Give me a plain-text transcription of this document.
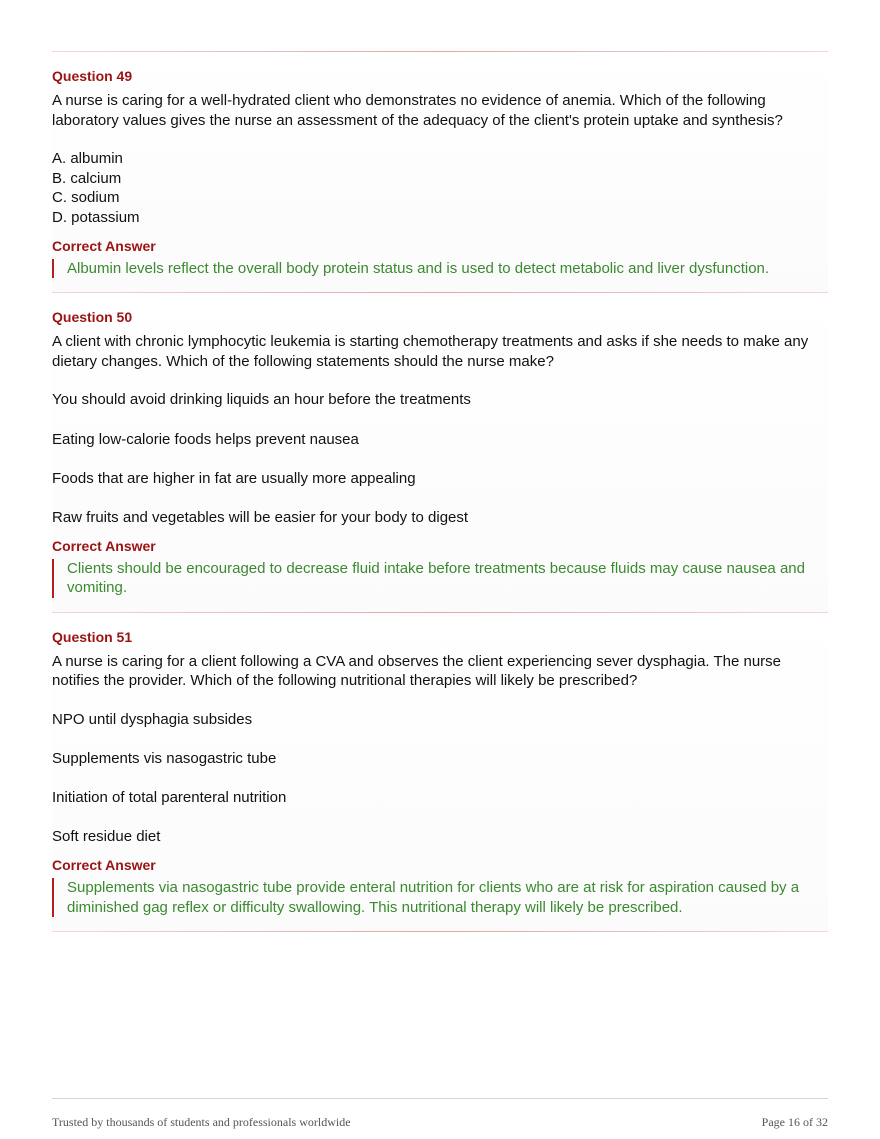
Question 49

A nurse is caring for a well-hydrated client who demonstrates no evidence of anemia. Which of the following laboratory values gives the nurse an assessment of the adequacy of the client's protein uptake and synthesis?

A. albumin
B. calcium
C. sodium
D. potassium
Correct Answer
Albumin levels reflect the overall body protein status and is used to detect metabolic and liver dysfunction.
Question 50

A client with chronic lymphocytic leukemia is starting chemotherapy treatments and asks if she needs to make any dietary changes. Which of the following statements should the nurse make?

You should avoid drinking liquids an hour before the treatments
Eating low-calorie foods helps prevent nausea
Foods that are higher in fat are usually more appealing
Raw fruits and vegetables will be easier for your body to digest
Correct Answer
Clients should be encouraged to decrease fluid intake before treatments because fluids may cause nausea and vomiting.
Question 51

A nurse is caring for a client following a CVA and observes the client experiencing sever dysphagia. The nurse notifies the provider. Which of the following nutritional therapies will likely be prescribed?

NPO until dysphagia subsides
Supplements vis nasogastric tube
Initiation of total parenteral nutrition
Soft residue diet
Correct Answer
Supplements via nasogastric tube provide enteral nutrition for clients who are at risk for aspiration caused by a diminished gag reflex or difficulty swallowing. This nutritional therapy will likely be prescribed.
Trusted by thousands of students and professionals worldwide	Page 16 of 32
